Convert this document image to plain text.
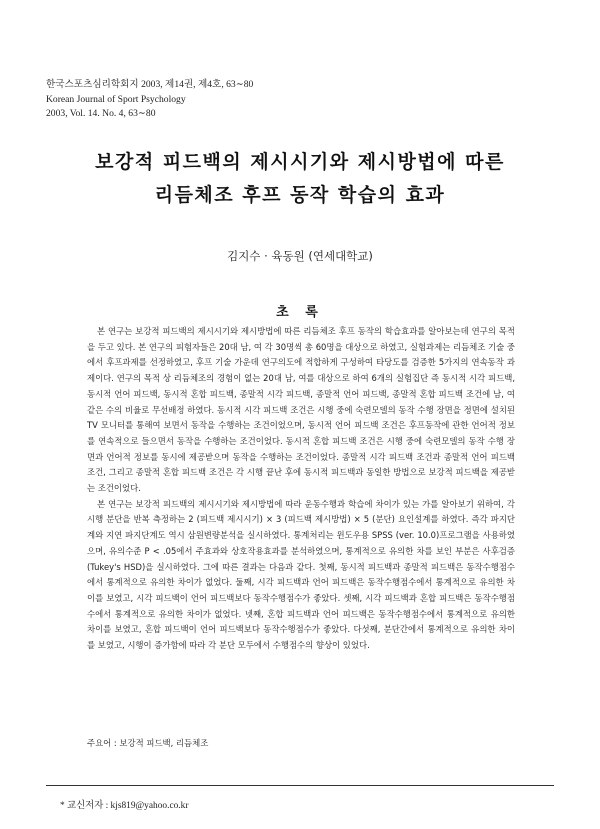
한국스포츠심리학회지 2003, 제14권, 제4호, 63∼80
Korean Journal of Sport Psychology
2003, Vol. 14. No. 4, 63∼80
보강적 피드백의 제시시기와 제시방법에 따른
리듬체조 후프 동작 학습의 효과
김지수 · 육동원 (연세대학교)
초 록

본 연구는 보강적 피드백의 제시시기와 제시방법에 따른 리듬체조 후프 동작의 학습효과를 알아보는데 연구의 목적을 두고 있다. 본 연구의 피험자들은 20대 남, 여 각 30명씩 총 60명을 대상으로 하였고, 실험과제는 리듬체조 기술 중에서 후프과제를 선정하였고, 후프 기술 가운데 연구의도에 적합하게 구성하여 타당도를 검증한 5가지의 연속동작 과제이다. 연구의 목적 상 리듬체조의 경험이 없는 20대 남, 여를 대상으로 하여 6개의 실험집단 즉 동시적 시각 피드백, 동시적 언어 피드백, 동시적 혼합 피드백, 종말적 시각 피드백, 종말적 언어 피드백, 종말적 혼합 피드백 조건에 남, 여 같은 수의 비율로 무선배정 하였다. 동시적 시각 피드백 조건은 시행 중에 숙련모델의 동작 수행 장면을 정면에 설치된 TV 모니터를 통해여 보면서 동작을 수행하는 조건이었으며, 동시적 언어 피드백 조건은 후프동작에 관한 언어적 정보를 연속적으로 들으면서 동작을 수행하는 조건이었다. 동시적 혼합 피드백 조건은 시행 중에 숙련모델의 동작 수행 장면과 언어적 정보를 동시에 제공받으며 동작을 수행하는 조건이었다. 종말적 시각 피드백 조건과 종말적 언어 피드백 조건, 그리고 종말적 혼합 피드백 조건은 각 시행 끝난 후에 동시적 피드백과 동일한 방법으로 보강적 피드백을 제공받는 조건이었다.

본 연구는 보강적 피드백의 제시시기와 제시방법에 따라 운동수행과 학습에 차이가 있는 가를 알아보기 위하여, 각 시행 분단을 반복 측정하는 2 (피드백 제시시기) × 3 (피드백 제시방법) × 5 (분단) 요인설계를 하였다. 즉각 파지단계와 지연 파지단계도 역시 삼원변량분석을 실시하였다. 통계처리는 윈도우용 SPSS (ver. 10.0)프로그램을 사용하였으며, 유의수준 P < .05에서 주효과와 상호작용효과를 분석하였으며, 통계적으로 유의한 차를 보인 부분은 사후검증 (Tukey's HSD)을 실시하였다. 그에 따른 결과는 다음과 같다. 첫째, 동시적 피드백과 종말적 피드백은 동작수행점수에서 통계적으로 유의한 차이가 없었다. 둘째, 시각 피드백과 언어 피드백은 동작수행점수에서 통계적으로 유의한 차이를 보였고, 시각 피드백이 언어 피드백보다 동작수행점수가 좋았다. 셋째, 시각 피드백과 혼합 피드백은 동작수행점수에서 통계적으로 유의한 차이가 없었다. 넷째, 혼합 피드백과 언어 피드백은 동작수행점수에서 통계적으로 유의한 차이를 보였고, 혼합 피드백이 언어 피드백보다 동작수행점수가 좋았다. 다섯째, 분단간에서 통계적으로 유의한 차이를 보였고, 시행이 증가함에 따라 각 분단 모두에서 수행점수의 향상이 있었다.

주요어 : 보강적 피드백, 리듬체조
* 교신저자 : kjs819@yahoo.co.kr
